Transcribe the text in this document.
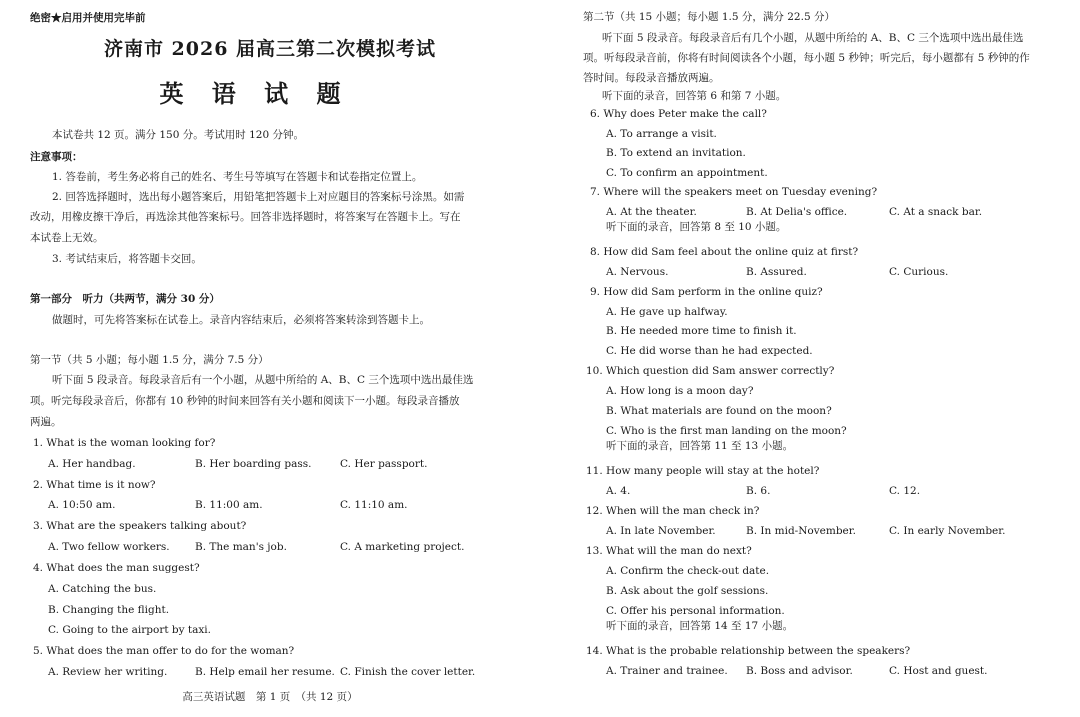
绝密★启用并使用完毕前
济南市 2026 届高三第二次模拟考试
英 语 试 题
本试卷共 12 页。满分 150 分。考试用时 120 分钟。
注意事项：
1. 答卷前，考生务必将自己的姓名、考生号等填写在答题卡和试卷指定位置上。
2. 回答选择题时，选出每小题答案后，用铅笔把答题卡上对应题目的答案标号涂黑。如需
改动，用橡皮擦干净后，再选涂其他答案标号。回答非选择题时，将答案写在答题卡上。写在
本试卷上无效。
3. 考试结束后，将答题卡交回。
第一部分　听力（共两节，满分 30 分）
做题时，可先将答案标在试卷上。录音内容结束后，必须将答案转涂到答题卡上。
第一节（共 5 小题；每小题 1.5 分，满分 7.5 分）
听下面 5 段录音。每段录音后有一个小题，从题中所给的 A、B、C 三个选项中选出最佳选
项。听完每段录音后，你都有 10 秒钟的时间来回答有关小题和阅读下一小题。每段录音播放
两遍。
1. What is the woman looking for?
A. Her handbag.	B. Her boarding pass.	C. Her passport.
2. What time is it now?
A. 10:50 am.	B. 11:00 am.	C. 11:10 am.
3. What are the speakers talking about?
A. Two fellow workers. B. The man's job.	C. A marketing project.
4. What does the man suggest?
A. Catching the bus.
B. Changing the flight.
C. Going to the airport by taxi.
5. What does the man offer to do for the woman?
A. Review her writing.	B. Help email her resume. C. Finish the cover letter.
高三英语试题　第 1 页　（共 12 页）
第二节（共 15 小题；每小题 1.5 分，满分 22.5 分）
听下面 5 段录音。每段录音后有几个小题，从题中所给的 A、B、C 三个选项中选出最佳选
项。听每段录音前，你将有时间阅读各个小题，每小题 5 秒钟；听完后，每小题都有 5 秒钟的作
答时间。每段录音播放两遍。
听下面的录音，回答第 6 和第 7 小题。
6. Why does Peter make the call?
A. To arrange a visit.
B. To extend an invitation.
C. To confirm an appointment.
7. Where will the speakers meet on Tuesday evening?
A. At the theater.	B. At Delia's office.	C. At a snack bar.
听下面的录音，回答第 8 至 10 小题。
8. How did Sam feel about the online quiz at first?
A. Nervous.	B. Assured.	C. Curious.
9. How did Sam perform in the online quiz?
A. He gave up halfway.
B. He needed more time to finish it.
C. He did worse than he had expected.
10. Which question did Sam answer correctly?
A. How long is a moon day?
B. What materials are found on the moon?
C. Who is the first man landing on the moon?
听下面的录音，回答第 11 至 13 小题。
11. How many people will stay at the hotel?
A. 4.	B. 6.	C. 12.
12. When will the man check in?
A. In late November.	B. In mid-November.	C. In early November.
13. What will the man do next?
A. Confirm the check-out date.
B. Ask about the golf sessions.
C. Offer his personal information.
听下面的录音，回答第 14 至 17 小题。
14. What is the probable relationship between the speakers?
A. Trainer and trainee. B. Boss and advisor.	C. Host and guest.
